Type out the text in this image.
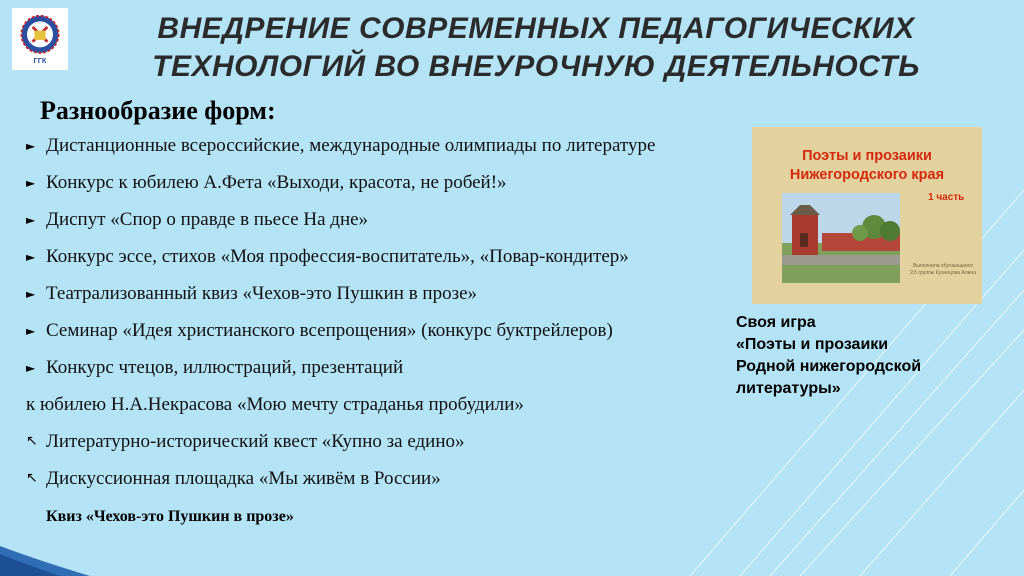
ГГК
ВНЕДРЕНИЕ СОВРЕМЕННЫХ ПЕДАГОГИЧЕСКИХ
ТЕХНОЛОГИЙ ВО ВНЕУРОЧНУЮ ДЕЯТЕЛЬНОСТЬ
Разнообразие форм:
► Дистанционные всероссийские, международные олимпиады по литературе
► Конкурс к юбилею А.Фета «Выходи, красота, не робей!»
► Диспут «Спор о правде в пьесе На дне»
► Конкурс эссе, стихов «Моя профессия-воспитатель», «Повар-кондитер»
► Театрализованный квиз «Чехов-это Пушкин в прозе»
► Семинар «Идея христианского всепрощения» (конкурс буктрейлеров)
► Конкурс чтецов, иллюстраций, презентаций
к юбилею Н.А.Некрасова «Мою мечту страданья пробудили»
↖ Литературно-исторический квест «Купно за едино»
↖ Дискуссионная площадка «Мы живём в России»
Квиз «Чехов-это Пушкин в прозе»
Поэты и прозаики
Нижегородского края
1 часть
Выполнила обучающаяся 2/3 группы Кузнецова Алина
Своя игра
«Поэты и прозаики
Родной нижегородской
литературы»
